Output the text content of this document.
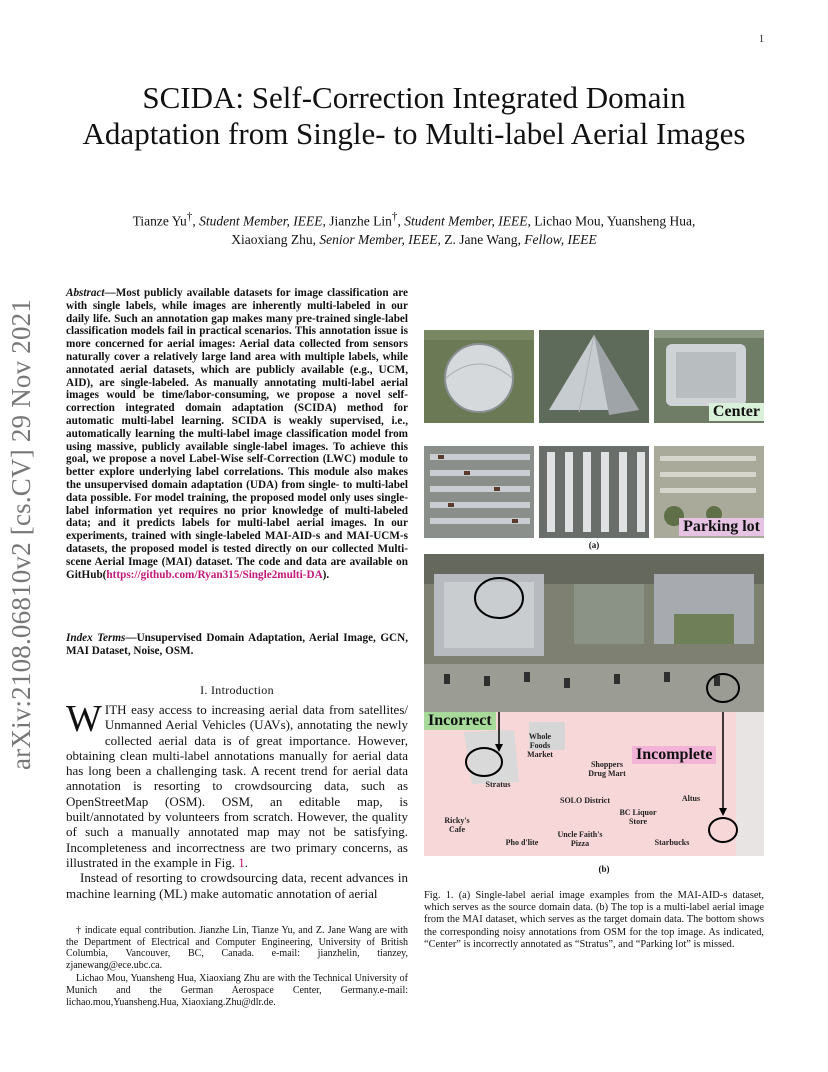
1
arXiv:2108.06810v2 [cs.CV] 29 Nov 2021
SCIDA: Self-Correction Integrated Domain Adaptation from Single- to Multi-label Aerial Images
Tianze Yu†, Student Member, IEEE, Jianzhe Lin†, Student Member, IEEE, Lichao Mou, Yuansheng Hua,
Xiaoxiang Zhu, Senior Member, IEEE, Z. Jane Wang, Fellow, IEEE
Abstract—Most publicly available datasets for image classification are with single labels, while images are inherently multi-labeled in our daily life. Such an annotation gap makes many pre-trained single-label classification models fail in practical scenarios. This annotation issue is more concerned for aerial images: Aerial data collected from sensors naturally cover a relatively large land area with multiple labels, while annotated aerial datasets, which are publicly available (e.g., UCM, AID), are single-labeled. As manually annotating multi-label aerial images would be time/labor-consuming, we propose a novel self-correction integrated domain adaptation (SCIDA) method for automatic multi-label learning. SCIDA is weakly supervised, i.e., automatically learning the multi-label image classification model from using massive, publicly available single-label images. To achieve this goal, we propose a novel Label-Wise self-Correction (LWC) module to better explore underlying label correlations. This module also makes the unsupervised domain adaptation (UDA) from single- to multi-label data possible. For model training, the proposed model only uses single-label information yet requires no prior knowledge of multi-labeled data; and it predicts labels for multi-label aerial images. In our experiments, trained with single-labeled MAI-AID-s and MAI-UCM-s datasets, the proposed model is tested directly on our collected Multi-scene Aerial Image (MAI) dataset. The code and data are available on GitHub(https://github.com/Ryan315/Single2multi-DA).
Index Terms—Unsupervised Domain Adaptation, Aerial Image, GCN, MAI Dataset, Noise, OSM.
I. Introduction

WITH easy access to increasing aerial data from satellites/ Unmanned Aerial Vehicles (UAVs), annotating the newly collected aerial data is of great importance. However, obtaining clean multi-label annotations manually for aerial data has long been a challenging task. A recent trend for aerial data annotation is resorting to crowdsourcing data, such as OpenStreetMap (OSM). OSM, an editable map, is built/annotated by volunteers from scratch. However, the quality of such a manually annotated map may not be satisfying. Incompleteness and incorrectness are two primary concerns, as illustrated in the example in Fig. 1.

Instead of resorting to crowdsourcing data, recent advances in machine learning (ML) make automatic annotation of aerial

† indicate equal contribution. Jianzhe Lin, Tianze Yu, and Z. Jane Wang are with the Department of Electrical and Computer Engineering, University of British Columbia, Vancouver, BC, Canada. e-mail: jianzhelin, tianzey, zjanewang@ece.ubc.ca.

Lichao Mou, Yuansheng Hua, Xiaoxiang Zhu are with the Technical University of Munich and the German Aerospace Center, Germany.e-mail: lichao.mou,Yuansheng.Hua, Xiaoxiang.Zhu@dlr.de.

Center
Parking lot
(a)
Incorrect
Incomplete
Whole Foods Market
Stratus
Shoppers Drug Mart
SOLO District	Altus
Ricky's Cafe
BC Liquor Store
Uncle Faith's Pizza
Pho d'lite	Starbucks
(b)
Fig. 1. (a) Single-label aerial image examples from the MAI-AID-s dataset, which serves as the source domain data. (b) The top is a multi-label aerial image from the MAI dataset, which serves as the target domain data. The bottom shows the corresponding noisy annotations from OSM for the top image. As indicated, “Center” is incorrectly annotated as “Stratus”, and “Parking lot” is missed.
